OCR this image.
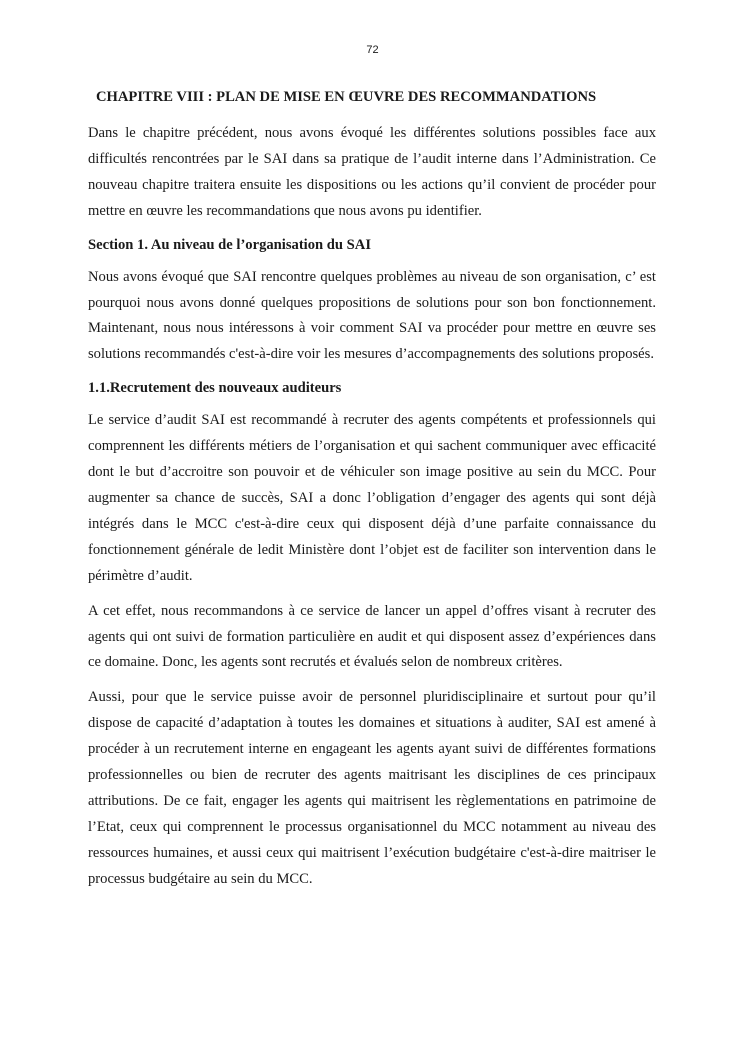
72
CHAPITRE VIII : PLAN DE MISE EN ŒUVRE DES RECOMMANDATIONS

Dans le chapitre précédent, nous avons évoqué les différentes solutions possibles face aux difficultés rencontrées par le SAI dans sa pratique de l’audit interne dans l’Administration. Ce nouveau chapitre traitera ensuite les dispositions ou les actions qu’il convient de procéder pour mettre en œuvre les recommandations que nous avons pu identifier.

Section 1. Au niveau de l’organisation du SAI

Nous avons évoqué que SAI rencontre quelques problèmes au niveau de son organisation, c’ est pourquoi nous avons donné quelques propositions de solutions pour son bon fonctionnement. Maintenant, nous nous intéressons à voir comment SAI va procéder pour mettre en œuvre ses solutions recommandés c'est-à-dire voir les mesures d’accompagnements des solutions proposés.

1.1.Recrutement des nouveaux auditeurs

Le service d’audit SAI est recommandé à recruter des agents compétents et professionnels qui comprennent les différents métiers de l’organisation et qui sachent communiquer avec efficacité dont le but d’accroitre son pouvoir et de véhiculer son image positive au sein du MCC. Pour augmenter sa chance de succès, SAI a donc l’obligation d’engager des agents qui sont déjà intégrés dans le MCC c'est-à-dire ceux qui disposent déjà d’une parfaite connaissance du fonctionnement générale de ledit Ministère dont l’objet est de faciliter son intervention dans le périmètre d’audit.

A cet effet, nous recommandons à ce service de lancer un appel d’offres visant à recruter des agents qui ont suivi de formation particulière en audit et qui disposent assez d’expériences dans ce domaine. Donc, les agents sont recrutés et évalués selon de nombreux critères.

Aussi, pour que le service puisse avoir de personnel pluridisciplinaire et surtout pour qu’il dispose de capacité d’adaptation à toutes les domaines et situations à auditer, SAI est amené à procéder à un recrutement interne en engageant les agents ayant suivi de différentes formations professionnelles ou bien de recruter des agents maitrisant les disciplines de ces principaux attributions. De ce fait, engager les agents qui maitrisent les règlementations en patrimoine de l’Etat, ceux qui comprennent le processus organisationnel du MCC notamment au niveau des ressources humaines, et aussi ceux qui maitrisent l’exécution budgétaire c'est-à-dire maitriser le processus budgétaire au sein du MCC.
